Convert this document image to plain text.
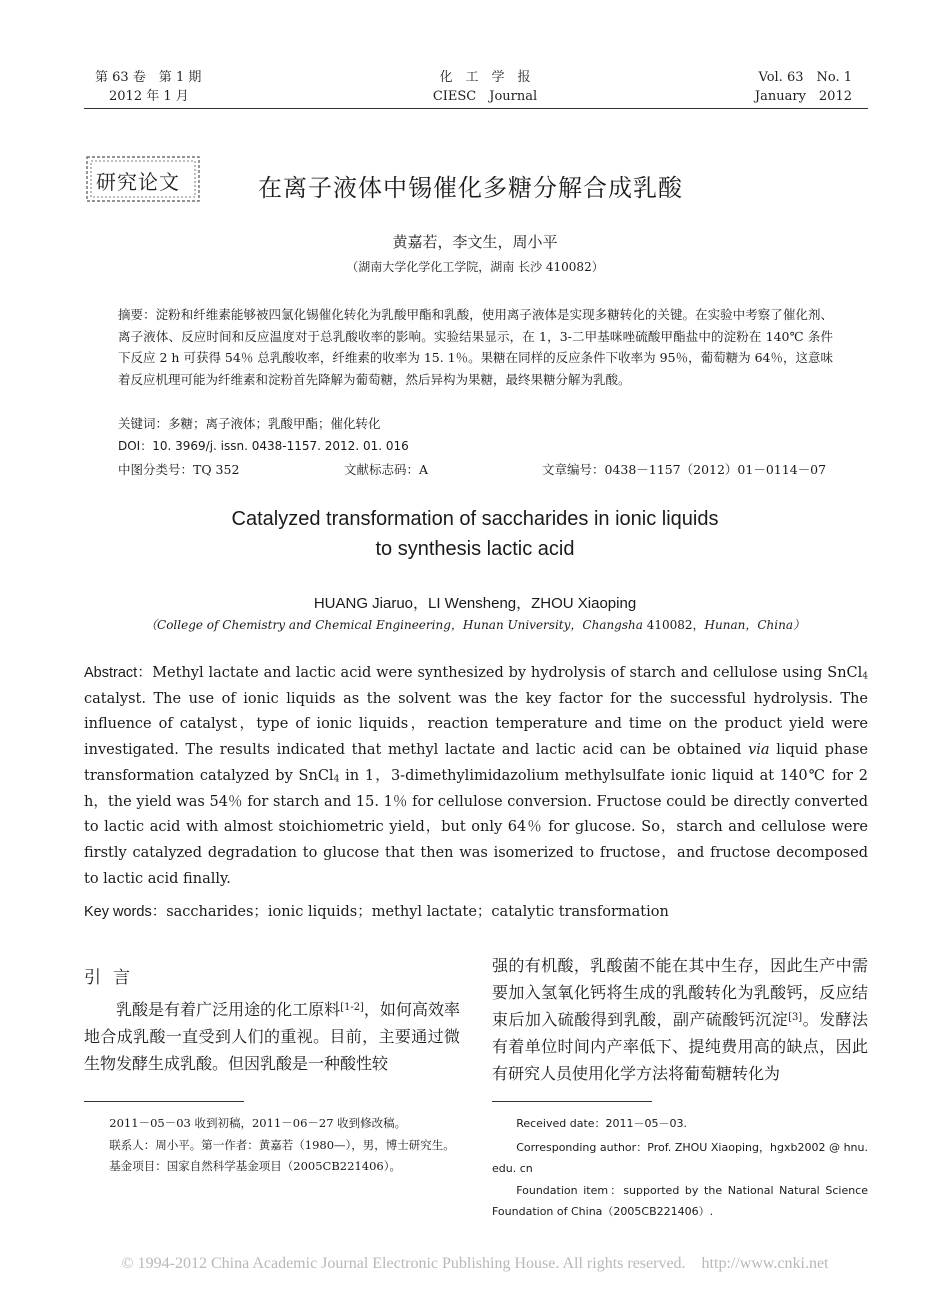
第 63 卷　第 1 期
2012 年 1 月
化　工　学　报
CIESC　Journal
Vol. 63　No. 1
January　2012
研究论文	在离子液体中锡催化多糖分解合成乳酸
黄嘉若，李文生，周小平
（湖南大学化学化工学院，湖南 长沙 410082）
摘要：淀粉和纤维素能够被四氯化锡催化转化为乳酸甲酯和乳酸，使用离子液体是实现多糖转化的关键。在实验中考察了催化剂、离子液体、反应时间和反应温度对于总乳酸收率的影响。实验结果显示，在 1，3-二甲基咪唑硫酸甲酯盐中的淀粉在 140℃ 条件下反应 2 h 可获得 54％ 总乳酸收率，纤维素的收率为 15. 1％。果糖在同样的反应条件下收率为 95％，葡萄糖为 64％，这意味着反应机理可能为纤维素和淀粉首先降解为葡萄糖，然后异构为果糖，最终果糖分解为乳酸。
关键词：多糖；离子液体；乳酸甲酯；催化转化
DOI：10. 3969/j. issn. 0438-1157. 2012. 01. 016
中图分类号：TQ 352	文献标志码：A	文章编号：0438－1157（2012）01－0114－07
Catalyzed transformation of saccharides in ionic liquids
to synthesis lactic acid
HUANG Jiaruo，LI Wensheng，ZHOU Xiaoping
（College of Chemistry and Chemical Engineering，Hunan University，Changsha 410082，Hunan，China）
Abstract：Methyl lactate and lactic acid were synthesized by hydrolysis of starch and cellulose using SnCl$_4$ catalyst. The use of ionic liquids as the solvent was the key factor for the successful hydrolysis. The influence of catalyst，type of ionic liquids，reaction temperature and time on the product yield were investigated. The results indicated that methyl lactate and lactic acid can be obtained via liquid phase transformation catalyzed by SnCl$_4$ in 1，3-dimethylimidazolium methylsulfate ionic liquid at 140℃ for 2 h，the yield was 54％ for starch and 15. 1％ for cellulose conversion. Fructose could be directly converted to lactic acid with almost stoichiometric yield，but only 64％ for glucose. So，starch and cellulose were firstly catalyzed degradation to glucose that then was isomerized to fructose，and fructose decomposed to lactic acid finally.
Key words：saccharides；ionic liquids；methyl lactate；catalytic transformation
引言
乳酸是有着广泛用途的化工原料[1-2]，如何高效率地合成乳酸一直受到人们的重视。目前，主要通过微生物发酵生成乳酸。但因乳酸是一种酸性较
强的有机酸，乳酸菌不能在其中生存，因此生产中需要加入氢氧化钙将生成的乳酸转化为乳酸钙，反应结束后加入硫酸得到乳酸，副产硫酸钙沉淀[3]。发酵法有着单位时间内产率低下、提纯费用高的缺点，因此有研究人员使用化学方法将葡萄糖转化为

2011－05－03 收到初稿，2011－06－27 收到修改稿。

联系人：周小平。第一作者：黄嘉若（1980—），男，博士研究生。

基金项目：国家自然科学基金项目（2005CB221406）。

Received date：2011－05－03.

Corresponding author：Prof. ZHOU Xiaoping，hgxb2002 @ hnu. edu. cn

Foundation item：supported by the National Natural Science Foundation of China（2005CB221406）.

© 1994-2012 China Academic Journal Electronic Publishing House. All rights reserved.    http://www.cnki.net
